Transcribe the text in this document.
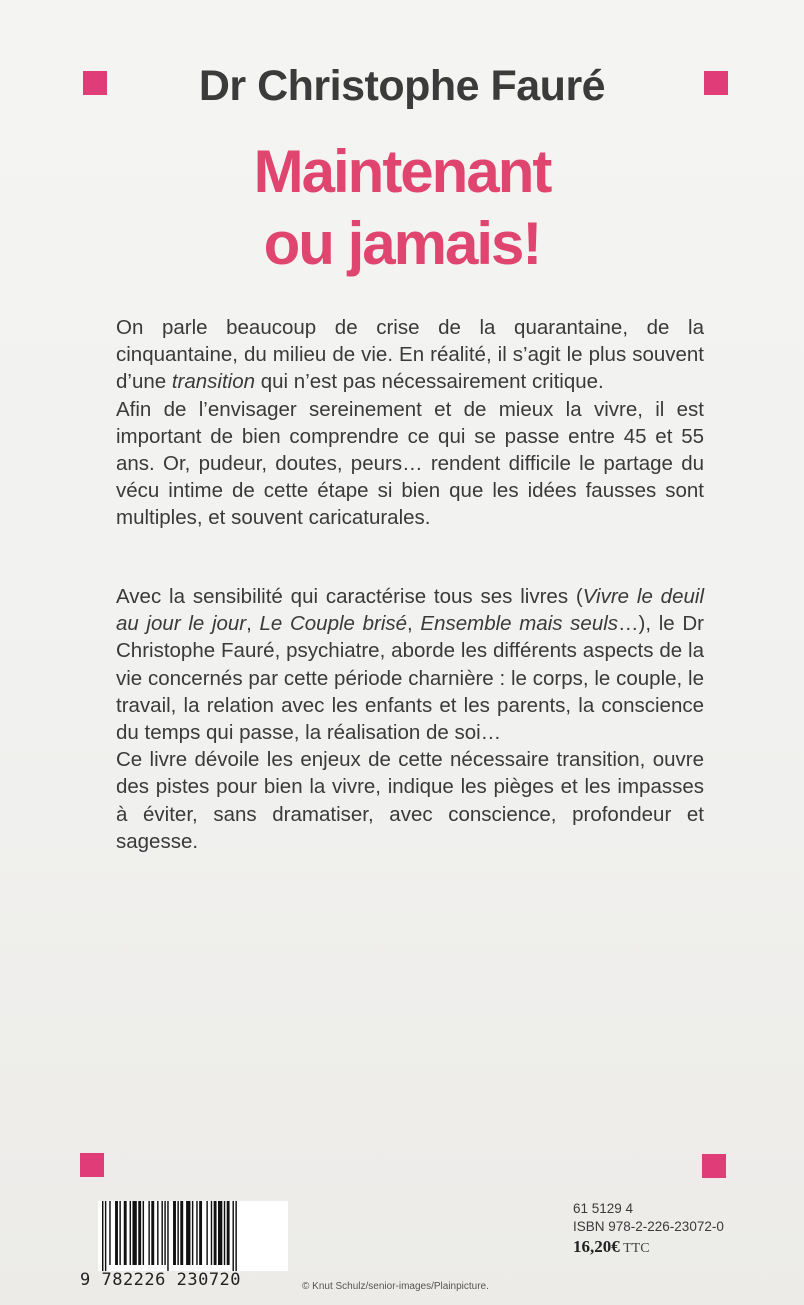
Dr Christophe Fauré
Maintenant
ou jamais!

On parle beaucoup de crise de la quarantaine, de la cinquantaine, du milieu de vie. En réalité, il s’agit le plus souvent d’une transition qui n’est pas nécessairement critique.

Afin de l’envisager sereinement et de mieux la vivre, il est important de bien comprendre ce qui se passe entre 45 et 55 ans. Or, pudeur, doutes, peurs… rendent difficile le partage du vécu intime de cette étape si bien que les idées fausses sont multiples, et souvent caricaturales.

Avec la sensibilité qui caractérise tous ses livres (Vivre le deuil au jour le jour, Le Couple brisé, Ensemble mais seuls…), le Dr Christophe Fauré, psychiatre, aborde les différents aspects de la vie concernés par cette période charnière : le corps, le couple, le travail, la relation avec les enfants et les parents, la conscience du temps qui passe, la réalisation de soi…

Ce livre dévoile les enjeux de cette nécessaire transition, ouvre des pistes pour bien la vivre, indique les pièges et les impasses à éviter, sans dramatiser, avec conscience, profondeur et sagesse.

9 782226 230720	© Knut Schulz/senior-images/Plainpicture.
61 5129 4
ISBN 978-2-226-23072-0
16,20€ TTC
